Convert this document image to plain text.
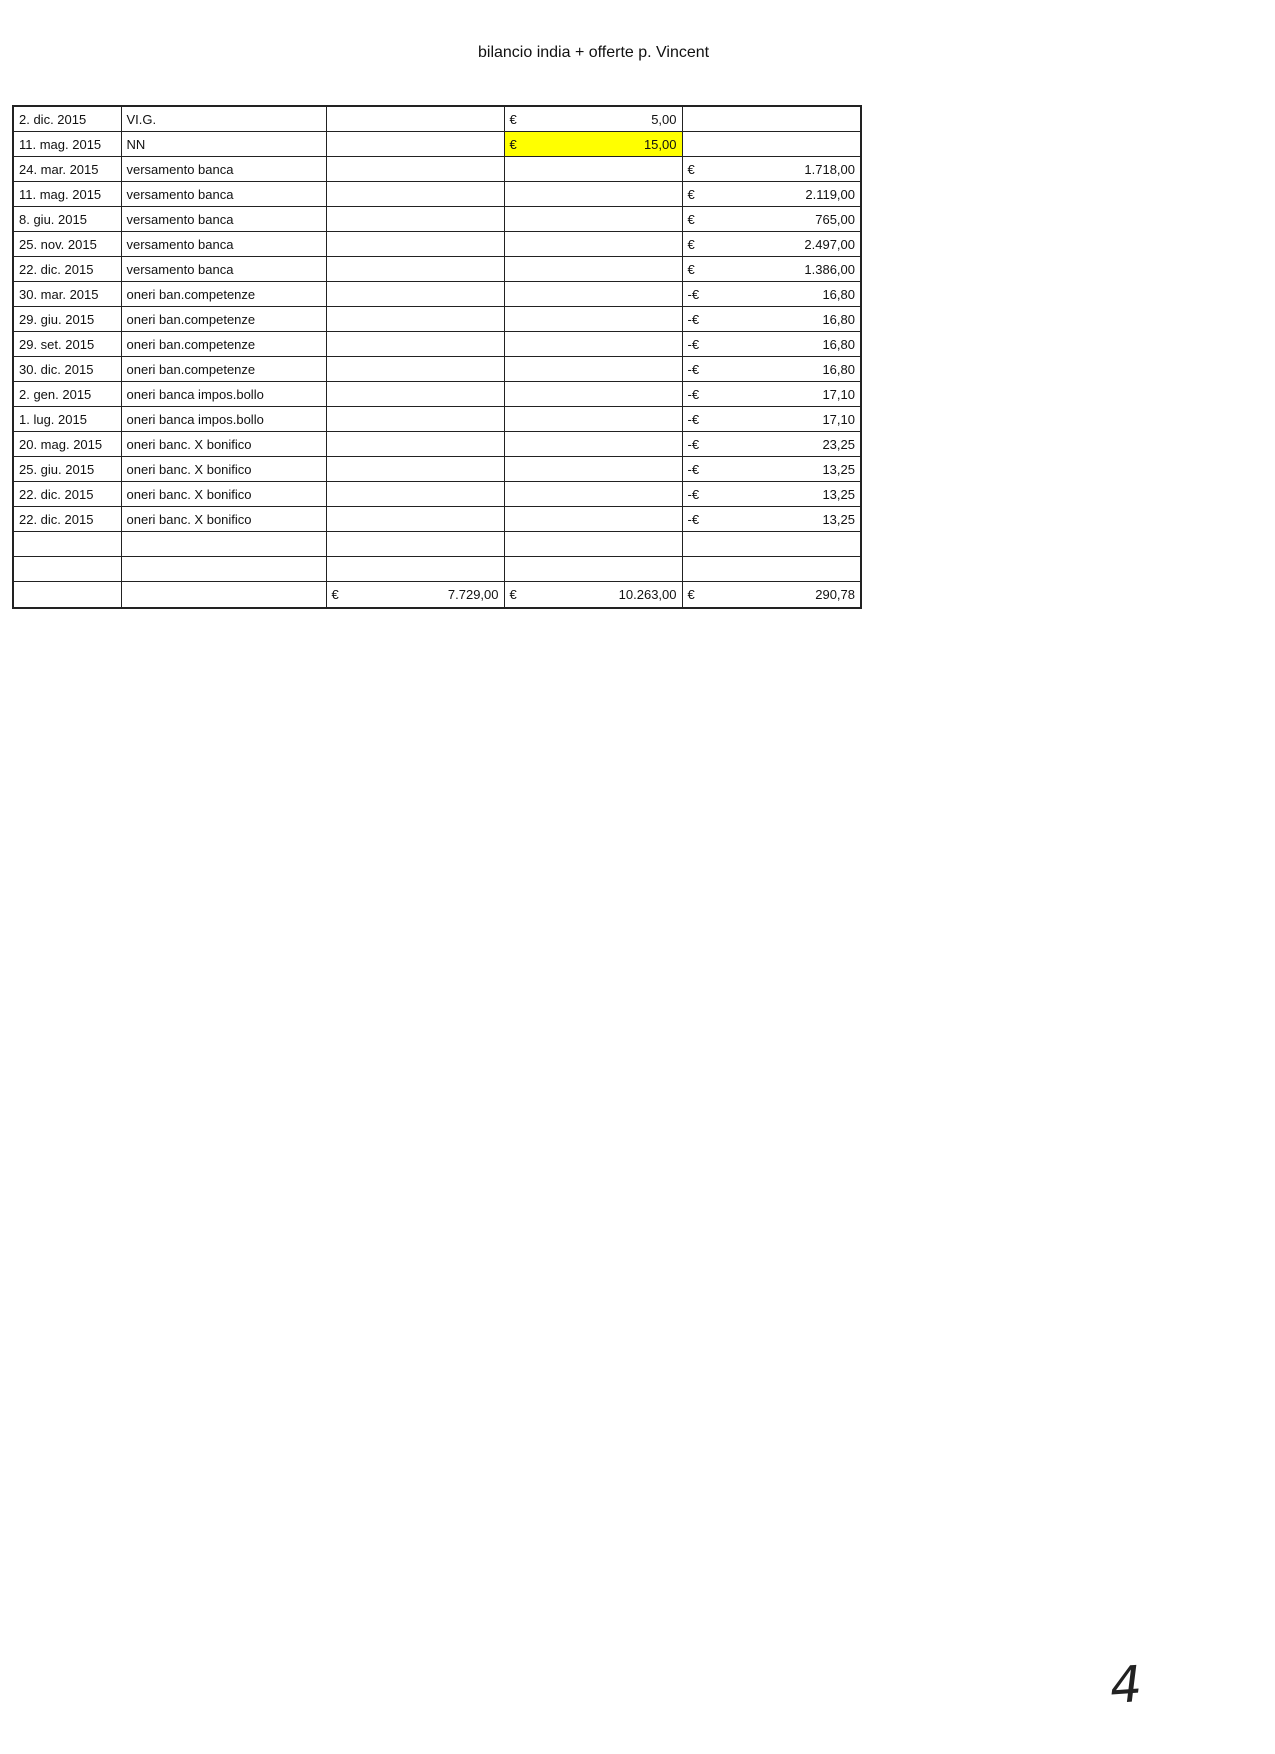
bilancio india + offerte p. Vincent
2. dic. 2015	VI.G.		€ 5,00	

11. mag. 2015	NN		€ 15,00	

24. mar. 2015	versamento banca			€ 1.718,00

11. mag. 2015	versamento banca			€ 2.119,00

8. giu. 2015	versamento banca			€ 765,00

25. nov. 2015	versamento banca			€ 2.497,00

22. dic. 2015	versamento banca			€ 1.386,00

30. mar. 2015	oneri ban.competenze			-€ 16,80

29. giu. 2015	oneri ban.competenze			-€ 16,80

29. set. 2015	oneri ban.competenze			-€ 16,80

30. dic. 2015	oneri ban.competenze			-€ 16,80

2. gen. 2015	oneri banca impos.bollo			-€ 17,10

1. lug. 2015	oneri banca impos.bollo			-€ 17,10

20. mag. 2015	oneri banc. X bonifico			-€ 23,25

25. giu. 2015	oneri banc. X bonifico			-€ 13,25

22. dic. 2015	oneri banc. X bonifico			-€ 13,25

22. dic. 2015	oneri banc. X bonifico			-€ 13,25

		€ 7.729,00	€ 10.263,00	€ 290,78
4
